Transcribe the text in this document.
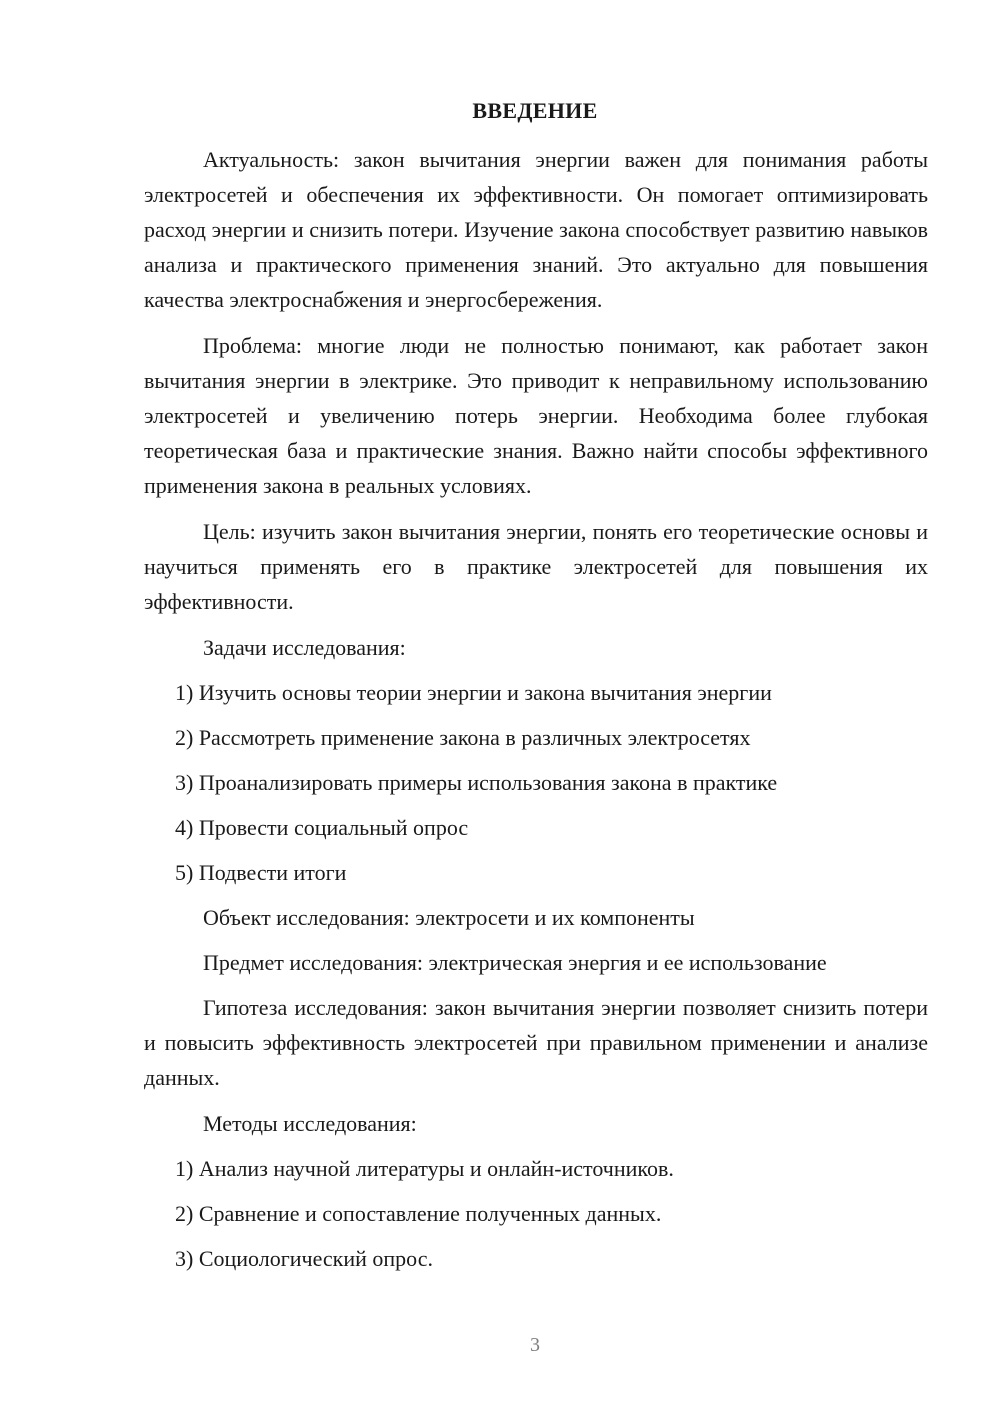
ВВЕДЕНИЕ

Актуальность: закон вычитания энергии важен для понимания работы электросетей и обеспечения их эффективности. Он помогает оптимизировать расход энергии и снизить потери. Изучение закона способствует развитию навыков анализа и практического применения знаний. Это актуально для повышения качества электроснабжения и энергосбережения.

Проблема: многие люди не полностью понимают, как работает закон вычитания энергии в электрике. Это приводит к неправильному использованию электросетей и увеличению потерь энергии. Необходима более глубокая теоретическая база и практические знания. Важно найти способы эффективного применения закона в реальных условиях.

Цель: изучить закон вычитания энергии, понять его теоретические основы и научиться применять его в практике электросетей для повышения их эффективности.

Задачи исследования:

1) Изучить основы теории энергии и закона вычитания энергии

2) Рассмотреть применение закона в различных электросетях

3) Проанализировать примеры использования закона в практике

4) Провести социальный опрос

5) Подвести итоги

Объект исследования: электросети и их компоненты

Предмет исследования: электрическая энергия и ее использование

Гипотеза исследования: закон вычитания энергии позволяет снизить потери и повысить эффективность электросетей при правильном применении и анализе данных.

Методы исследования:

1) Анализ научной литературы и онлайн-источников.

2) Сравнение и сопоставление полученных данных.

3) Социологический опрос.

3
